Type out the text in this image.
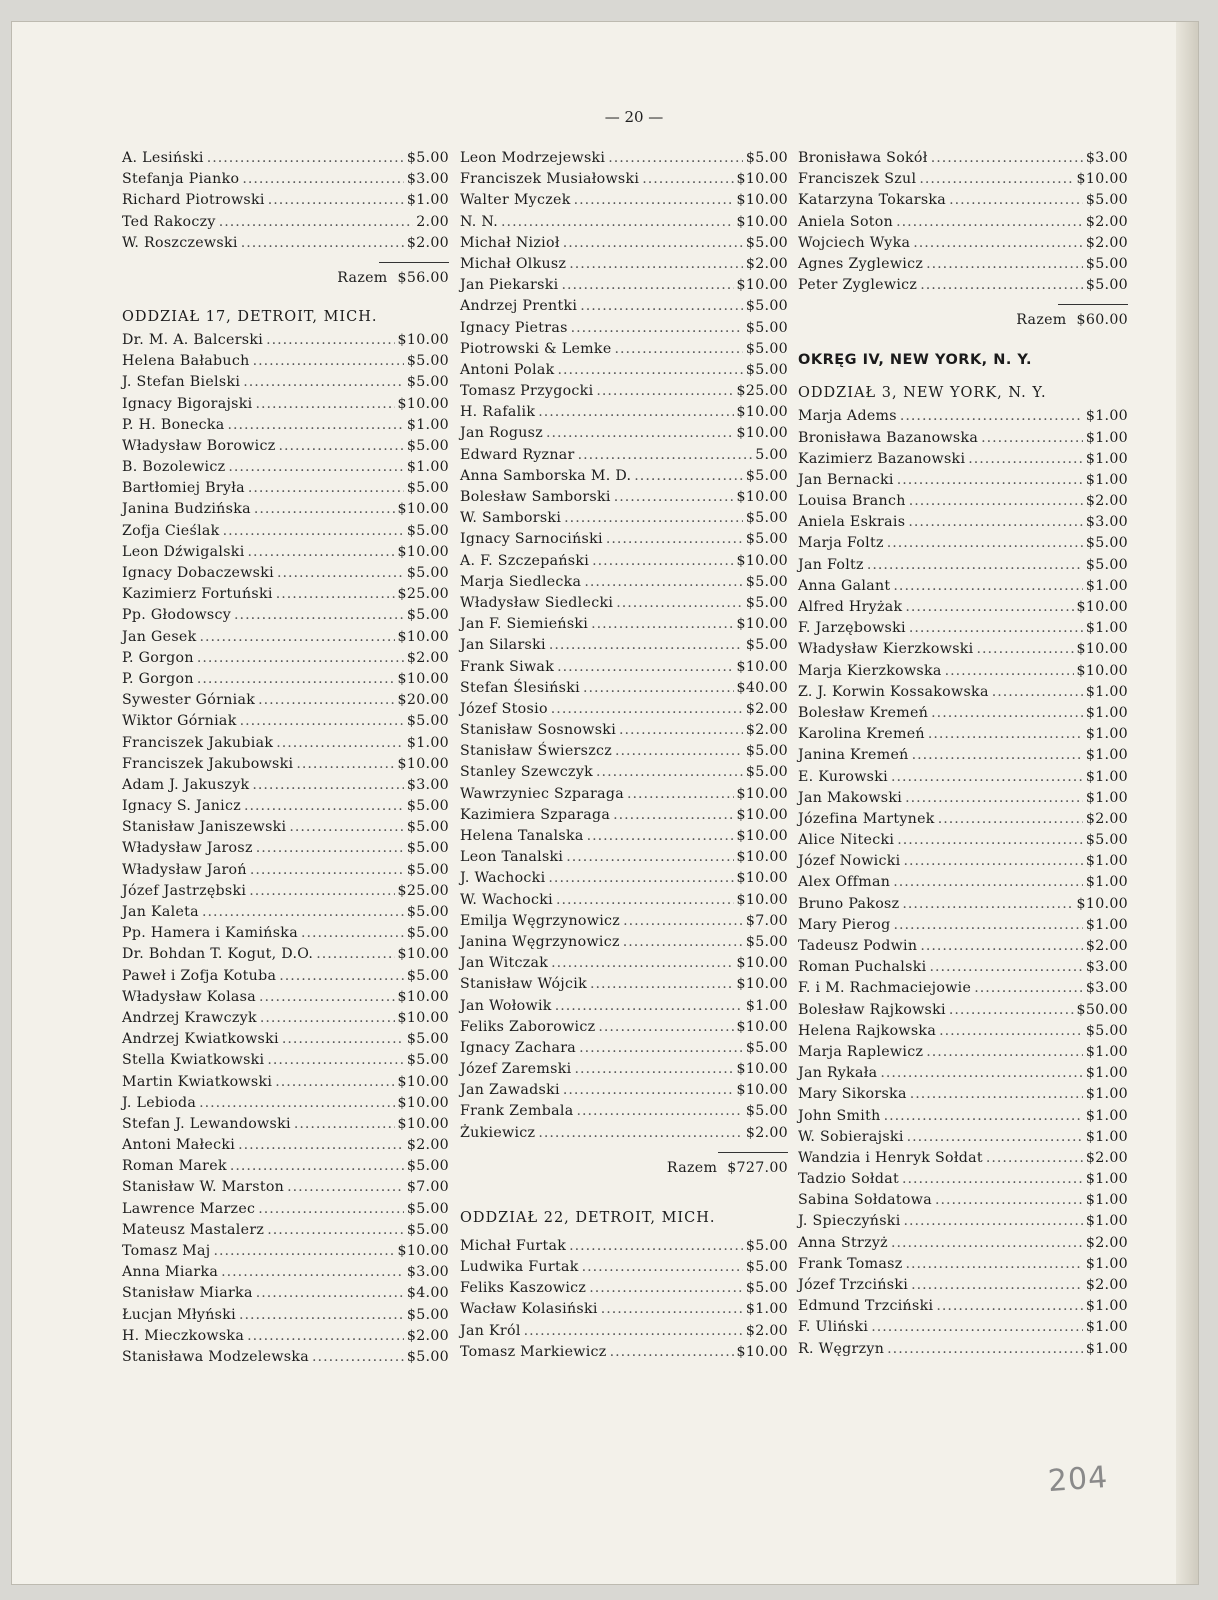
— 20 —
A. Lesiński .....	$5.00
Stefanja Pianko .....	$3.00
Richard Piotrowski .....	$1.00
Ted Rakoczy .....	2.00
W. Roszczewski .....	$2.00
Razem $56.00
ODDZIAŁ 17, DETROIT, MICH.
Dr. M. A. Balcerski .....	$10.00
Helena Bałabuch .....	$5.00
J. Stefan Bielski .....	$5.00
Ignacy Bigorajski .....	$10.00
P. H. Bonecka .....	$1.00
Władysław Borowicz .....	$5.00
B. Bozolewicz .....	$1.00
Bartłomiej Bryła .....	$5.00
Janina Budzińska .....	$10.00
Zofja Cieślak .....	$5.00
Leon Dźwigalski .....	$10.00
Ignacy Dobaczewski .....	$5.00
Kazimierz Fortuński .....	$25.00
Pp. Głodowscy .....	$5.00
Jan Gesek .....	$10.00
P. Gorgon .....	$2.00
P. Gorgon .....	$10.00
Sywester Górniak .....	$20.00
Wiktor Górniak .....	$5.00
Franciszek Jakubiak .....	$1.00
Franciszek Jakubowski .....	$10.00
Adam J. Jakuszyk .....	$3.00
Ignacy S. Janicz .....	$5.00
Stanisław Janiszewski .....	$5.00
Władysław Jarosz .....	$5.00
Władysław Jaroń .....	$5.00
Józef Jastrzębski .....	$25.00
Jan Kaleta .....	$5.00
Pp. Hamera i Kamińska .....	$5.00
Dr. Bohdan T. Kogut, D.O. .....	$10.00
Paweł i Zofja Kotuba .....	$5.00
Władysław Kolasa .....	$10.00
Andrzej Krawczyk .....	$10.00
Andrzej Kwiatkowski .....	$5.00
Stella Kwiatkowski .....	$5.00
Martin Kwiatkowski .....	$10.00
J. Lebioda .....	$10.00
Stefan J. Lewandowski .....	$10.00
Antoni Małecki .....	$2.00
Roman Marek .....	$5.00
Stanisław W. Marston .....	$7.00
Lawrence Marzec .....	$5.00
Mateusz Mastalerz .....	$5.00
Tomasz Maj .....	$10.00
Anna Miarka .....	$3.00
Stanisław Miarka .....	$4.00
Łucjan Młyński .....	$5.00
H. Mieczkowska .....	$2.00
Stanisława Modzelewska .....	$5.00
Leon Modrzejewski .....	$5.00
Franciszek Musiałowski .....	$10.00
Walter Myczek .....	$10.00
N. N. .....	$10.00
Michał Nizioł .....	$5.00
Michał Olkusz .....	$2.00
Jan Piekarski .....	$10.00
Andrzej Prentki .....	$5.00
Ignacy Pietras .....	$5.00
Piotrowski & Lemke .....	$5.00
Antoni Polak .....	$5.00
Tomasz Przygocki .....	$25.00
H. Rafalik .....	$10.00
Jan Rogusz .....	$10.00
Edward Ryznar .....	5.00
Anna Samborska M. D. .....	$5.00
Bolesław Samborski .....	$10.00
W. Samborski .....	$5.00
Ignacy Sarnociński .....	$5.00
A. F. Szczepański .....	$10.00
Marja Siedlecka .....	$5.00
Władysław Siedlecki .....	$5.00
Jan F. Siemieński .....	$10.00
Jan Silarski .....	$5.00
Frank Siwak .....	$10.00
Stefan Ślesiński .....	$40.00
Józef Stosio .....	$2.00
Stanisław Sosnowski .....	$2.00
Stanisław Świerszcz .....	$5.00
Stanley Szewczyk .....	$5.00
Wawrzyniec Szparaga .....	$10.00
Kazimiera Szparaga .....	$10.00
Helena Tanalska .....	$10.00
Leon Tanalski .....	$10.00
J. Wachocki .....	$10.00
W. Wachocki .....	$10.00
Emilja Węgrzynowicz .....	$7.00
Janina Węgrzynowicz .....	$5.00
Jan Witczak .....	$10.00
Stanisław Wójcik .....	$10.00
Jan Wołowik .....	$1.00
Feliks Zaborowicz .....	$10.00
Ignacy Zachara .....	$5.00
Józef Zaremski .....	$10.00
Jan Zawadski .....	$10.00
Frank Zembala .....	$5.00
Żukiewicz .....	$2.00
Razem $727.00
ODDZIAŁ 22, DETROIT, MICH.
Michał Furtak .....	$5.00
Ludwika Furtak .....	$5.00
Feliks Kaszowicz .....	$5.00
Wacław Kolasiński .....	$1.00
Jan Król .....	$2.00
Tomasz Markiewicz .....	$10.00
Bronisława Sokół .....	$3.00
Franciszek Szul .....	$10.00
Katarzyna Tokarska .....	$5.00
Aniela Soton .....	$2.00
Wojciech Wyka .....	$2.00
Agnes Zyglewicz .....	$5.00
Peter Zyglewicz .....	$5.00
Razem $60.00
OKRĘG IV, NEW YORK, N. Y.
ODDZIAŁ 3, NEW YORK, N. Y.
Marja Adems .....	$1.00
Bronisława Bazanowska .....	$1.00
Kazimierz Bazanowski .....	$1.00
Jan Bernacki .....	$1.00
Louisa Branch .....	$2.00
Aniela Eskrais .....	$3.00
Marja Foltz .....	$5.00
Jan Foltz .....	$5.00
Anna Galant .....	$1.00
Alfred Hryżak .....	$10.00
F. Jarzębowski .....	$1.00
Władysław Kierzkowski .....	$10.00
Marja Kierzkowska .....	$10.00
Z. J. Korwin Kossakowska .....	$1.00
Bolesław Kremeń .....	$1.00
Karolina Kremeń .....	$1.00
Janina Kremeń .....	$1.00
E. Kurowski .....	$1.00
Jan Makowski .....	$1.00
Józefina Martynek .....	$2.00
Alice Nitecki .....	$5.00
Józef Nowicki .....	$1.00
Alex Offman .....	$1.00
Bruno Pakosz .....	$10.00
Mary Pierog .....	$1.00
Tadeusz Podwin .....	$2.00
Roman Puchalski .....	$3.00
F. i M. Rachmaciejowie .....	$3.00
Bolesław Rajkowski .....	$50.00
Helena Rajkowska .....	$5.00
Marja Raplewicz .....	$1.00
Jan Rykała .....	$1.00
Mary Sikorska .....	$1.00
John Smith .....	$1.00
W. Sobierajski .....	$1.00
Wandzia i Henryk Sołdat .....	$2.00
Tadzio Sołdat .....	$1.00
Sabina Sołdatowa .....	$1.00
J. Spieczyński .....	$1.00
Anna Strzyż .....	$2.00
Frank Tomasz .....	$1.00
Józef Trzciński .....	$2.00
Edmund Trzciński .....	$1.00
F. Uliński .....	$1.00
R. Węgrzyn .....	$1.00
204
